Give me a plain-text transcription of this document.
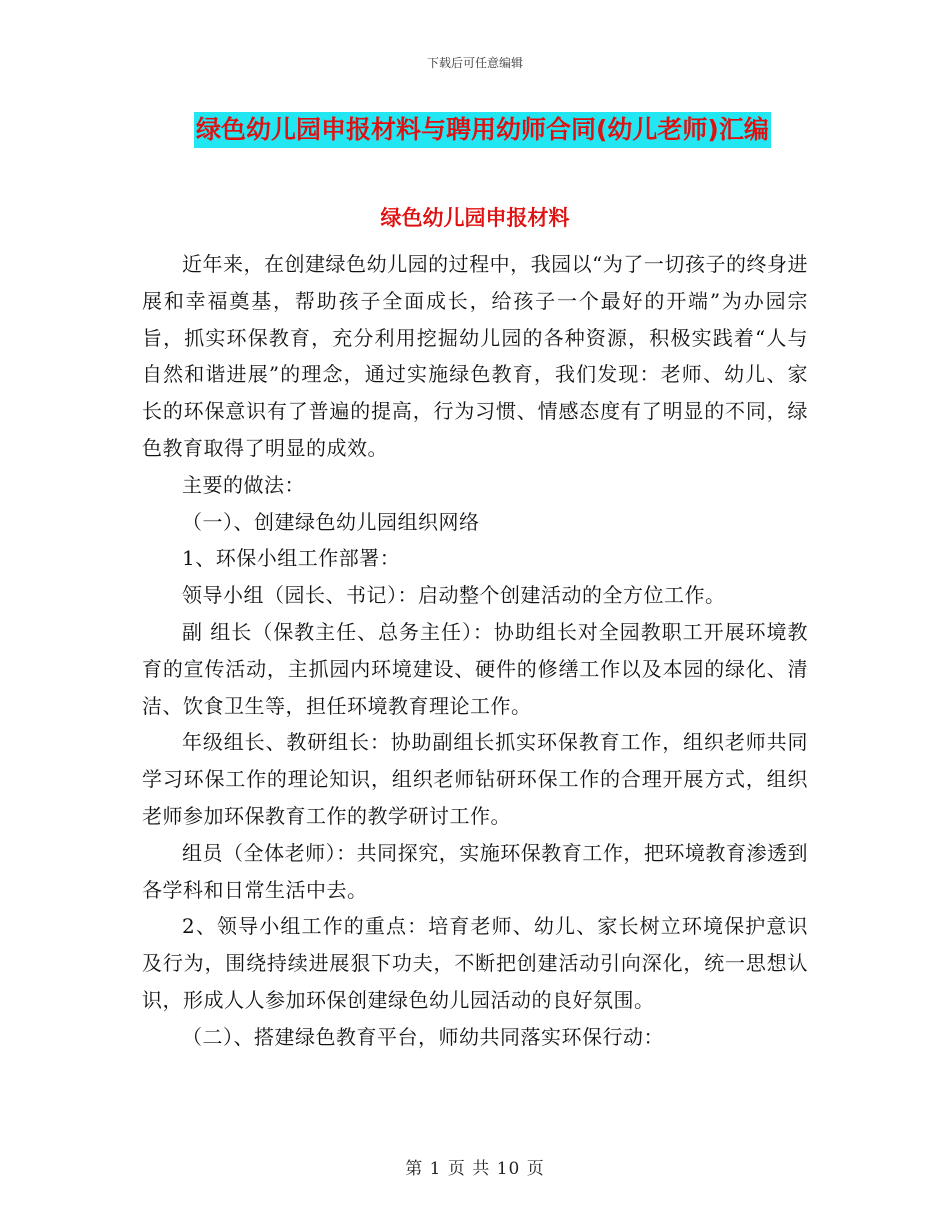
下载后可任意编辑
绿色幼儿园申报材料与聘用幼师合同(幼儿老师)汇编
绿色幼儿园申报材料

近年来，在创建绿色幼儿园的过程中，我园以“为了一切孩子的终身进展和幸福奠基，帮助孩子全面成长，给孩子一个最好的开端”为办园宗旨，抓实环保教育，充分利用挖掘幼儿园的各种资源，积极实践着“人与自然和谐进展”的理念，通过实施绿色教育，我们发现：老师、幼儿、家长的环保意识有了普遍的提高，行为习惯、情感态度有了明显的不同，绿色教育取得了明显的成效。

主要的做法：

（一）、创建绿色幼儿园组织网络

1、环保小组工作部署：

领导小组（园长、书记）：启动整个创建活动的全方位工作。

副 组长（保教主任、总务主任）：协助组长对全园教职工开展环境教育的宣传活动，主抓园内环境建设、硬件的修缮工作以及本园的绿化、清洁、饮食卫生等，担任环境教育理论工作。

年级组长、教研组长：协助副组长抓实环保教育工作，组织老师共同学习环保工作的理论知识，组织老师钻研环保工作的合理开展方式，组织老师参加环保教育工作的教学研讨工作。

组员（全体老师）：共同探究，实施环保教育工作，把环境教育渗透到各学科和日常生活中去。

2、领导小组工作的重点：培育老师、幼儿、家长树立环境保护意识及行为，围绕持续进展狠下功夫，不断把创建活动引向深化，统一思想认识，形成人人参加环保创建绿色幼儿园活动的良好氛围。

（二）、搭建绿色教育平台，师幼共同落实环保行动：

第 1 页 共 10 页
